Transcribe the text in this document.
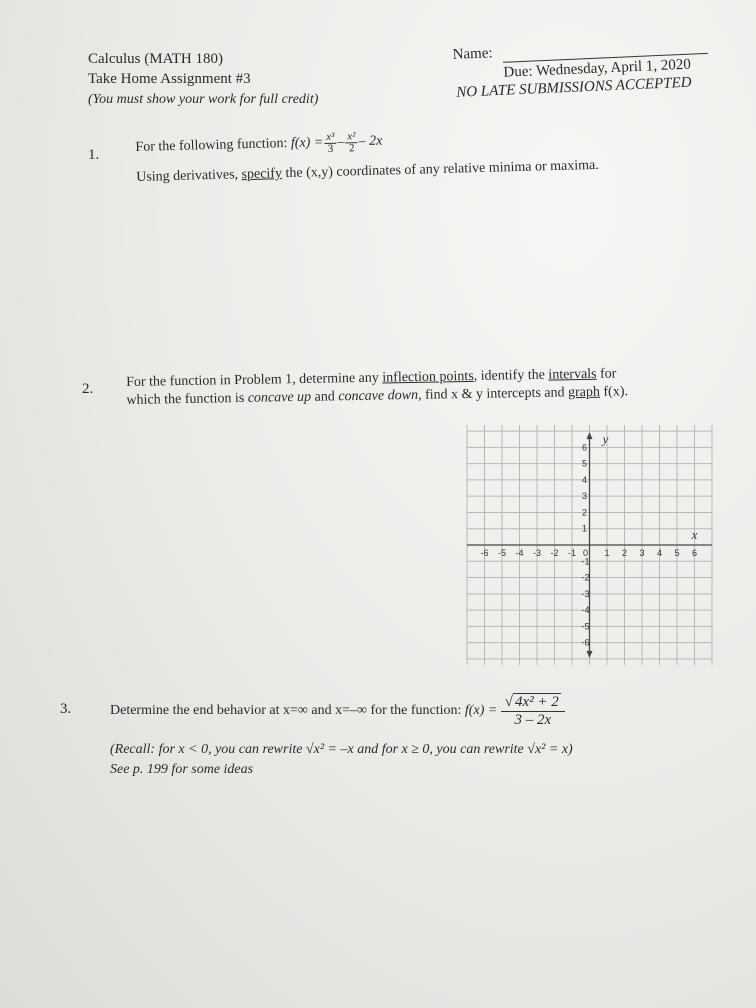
Calculus (MATH 180)
Take Home Assignment #3
(You must show your work for full credit)
Name:
Due: Wednesday, April 1, 2020
NO LATE SUBMISSIONS ACCEPTED
1.
For the following function:
$f(x) = \frac{\text{x³}}{3} - \frac{\text{x²}}{2} - 2x$
Using derivatives, specify the (x,y) coordinates of any relative minima or maxima.
2. For the function in Problem 1, determine any inflection points, identify the intervals for
which the function is concave up and concave down, find x & y intercepts and graph f(x).
-6 -5 -4 -3 -2 -1 0 1 2 3 4 5 6
6
5
4
3
2
1
-1
-2
-3
-4
-5
-6
x
y
3.	Determine the end behavior at x=∞ and x=–∞ for the function:
f(x) =
$\frac{\text{√ 4x² + 2}}{3 - 2x}$
(Recall: for x < 0, you can rewrite √x² = –x and for x ≥ 0, you can rewrite √x² = x)
See p. 199 for some ideas
